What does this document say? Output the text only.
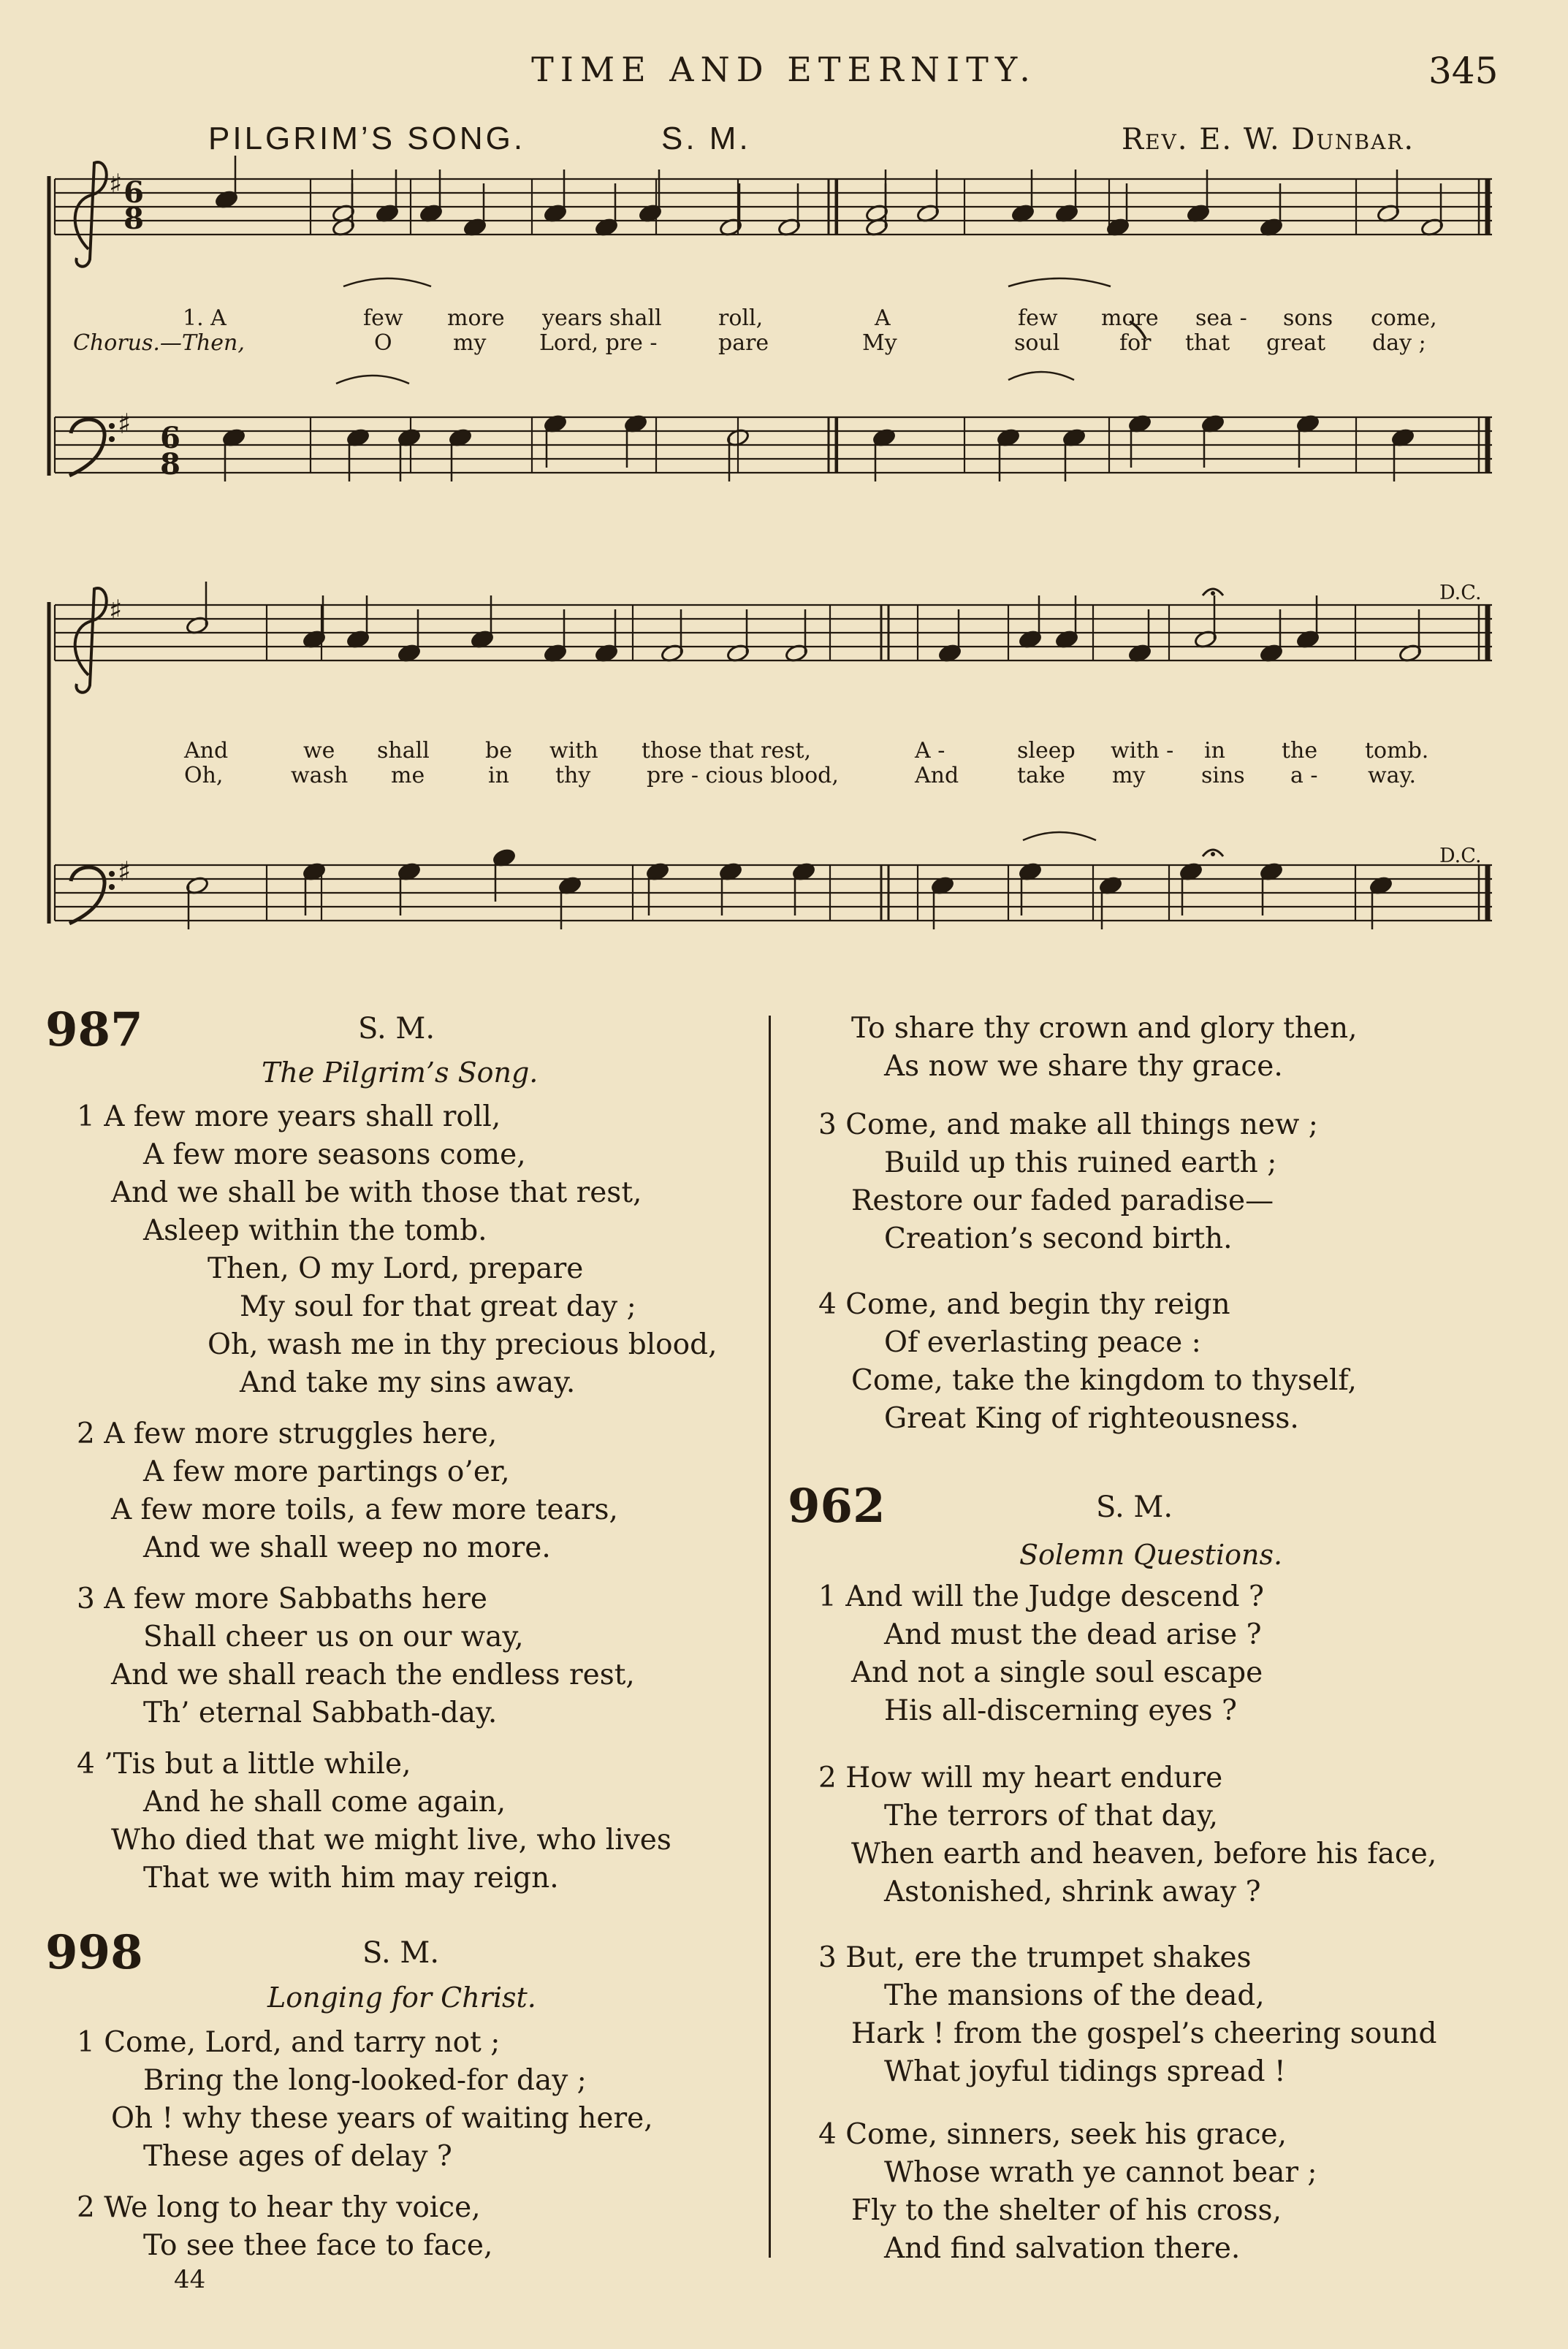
TIME AND ETERNITY.	345
PILGRIM’S SONG.	S. M.	Rev. E. W. Dunbar.
♯
♯
♯
♯
6
8
6
8
D.C.
D.C.
1. A	few more years shall	roll,	A	few more sea - sons come,
Chorus.—Then,	O	my Lord, pre -	pare	My	soul	for that great day ;
And	we shall	be with those that rest,	A -	sleep with - in	the tomb.
Oh,	wash me	in thy	pre - cious blood,	And	take my	sins a - way.
987	S. M.
The Pilgrim’s Song.
1 A few more years shall roll,
A few more seasons come,
And we shall be with those that rest,
Asleep within the tomb.
Then, O my Lord, prepare
My soul for that great day ;
Oh, wash me in thy precious blood,
And take my sins away.
2 A few more struggles here,
A few more partings o’er,
A few more toils, a few more tears,
And we shall weep no more.
3 A few more Sabbaths here
Shall cheer us on our way,
And we shall reach the endless rest,
Th’ eternal Sabbath-day.
4 ’Tis but a little while,
And he shall come again,
Who died that we might live, who lives
That we with him may reign.
998	S. M.
Longing for Christ.
1 Come, Lord, and tarry not ;
Bring the long-looked-for day ;
Oh ! why these years of waiting here,
These ages of delay ?
2 We long to hear thy voice,
To see thee face to face,
44
To share thy crown and glory then,
As now we share thy grace.
3 Come, and make all things new ;
Build up this ruined earth ;
Restore our faded paradise—
Creation’s second birth.
4 Come, and begin thy reign
Of everlasting peace :
Come, take the kingdom to thyself,
Great King of righteousness.
962	S. M.
Solemn Questions.
1 And will the Judge descend ?
And must the dead arise ?
And not a single soul escape
His all-discerning eyes ?
2 How will my heart endure
The terrors of that day,
When earth and heaven, before his face,
Astonished, shrink away ?
3 But, ere the trumpet shakes
The mansions of the dead,
Hark ! from the gospel’s cheering sound
What joyful tidings spread !
4 Come, sinners, seek his grace,
Whose wrath ye cannot bear ;
Fly to the shelter of his cross,
And find salvation there.
